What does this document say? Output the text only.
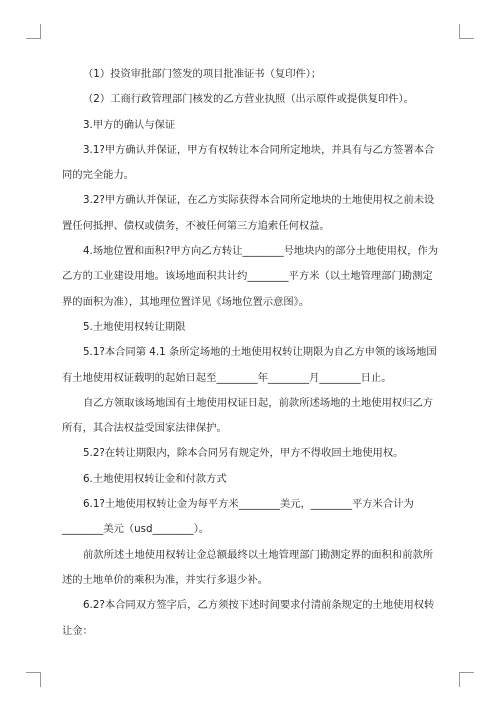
（1）投资审批部门签发的项目批准证书（复印件）；
（2）工商行政管理部门核发的乙方营业执照（出示原件或提供复印件）。
3.甲方的确认与保证
3.1?甲方确认并保证，甲方有权转让本合同所定地块，并具有与乙方签署本合同的完全能力。
3.2?甲方确认并保证，在乙方实际获得本合同所定地块的土地使用权之前未设置任何抵押、债权或债务，不被任何第三方追索任何权益。
4.场地位置和面积?甲方向乙方转让________号地块内的部分土地使用权，作为乙方的工业建设用地。该场地面积共计约________平方米（以土地管理部门勘测定界的面积为准），其地理位置详见《场地位置示意图》。
5.土地使用权转让期限
5.1?本合同第 4.1 条所定场地的土地使用权转让期限为自乙方申领的该场地国有土地使用权证载明的起始日起至________年________月________日止。
自乙方领取该场地国有土地使用权证日起，前款所述场地的土地使用权归乙方所有，其合法权益受国家法律保护。
5.2?在转让期限内，除本合同另有规定外，甲方不得收回土地使用权。
6.土地使用权转让金和付款方式
6.1?土地使用权转让金为每平方米________美元，________平方米合计为________美元（usd________）。
前款所述土地使用权转让金总额最终以土地管理部门勘测定界的面积和前款所述的土地单价的乘积为准，并实行多退少补。
6.2?本合同双方签字后，乙方须按下述时间要求付清前条规定的土地使用权转让金：
